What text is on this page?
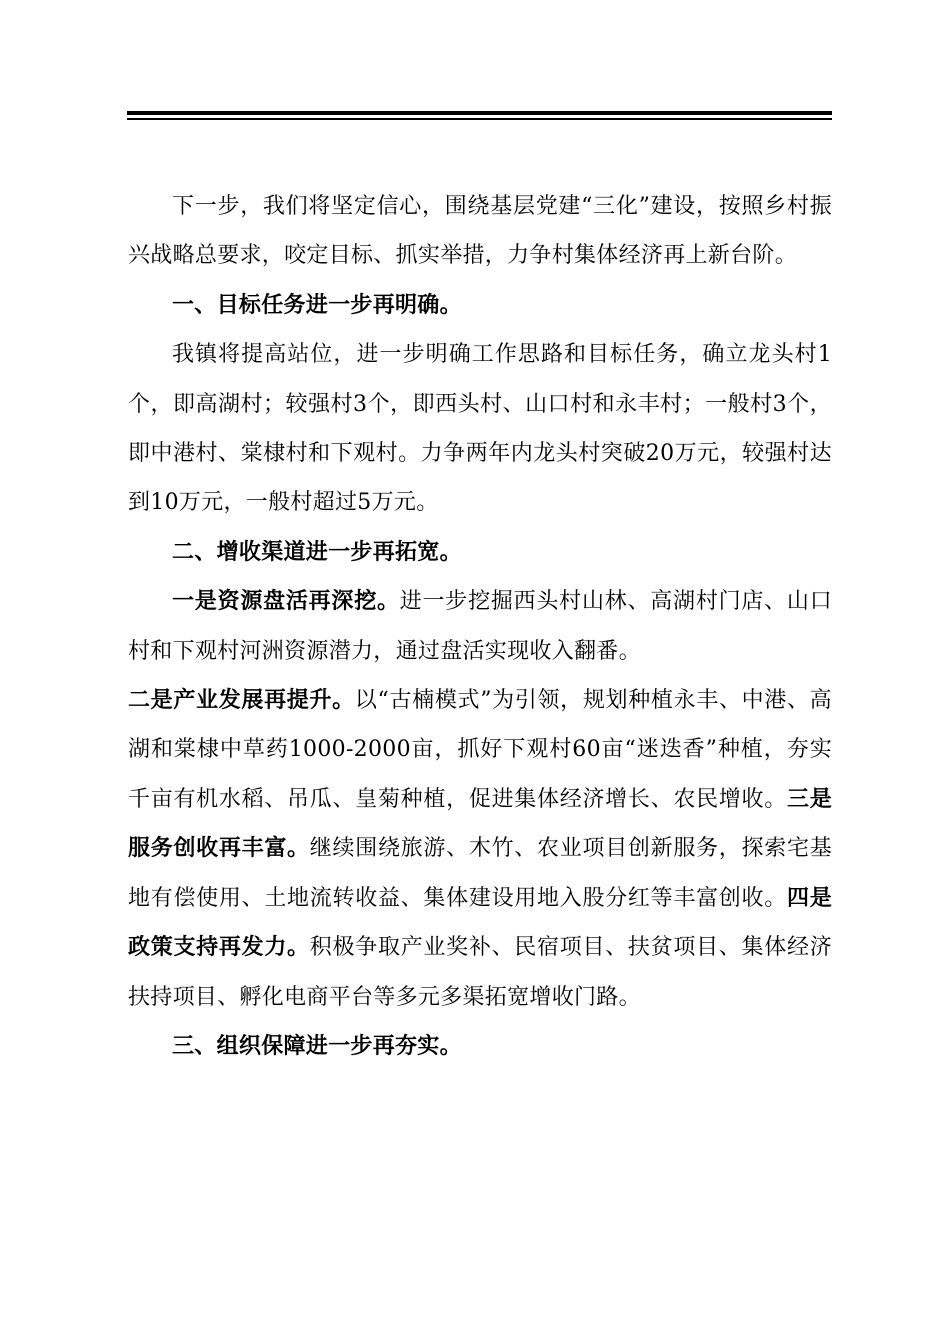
下一步，我们将坚定信心，围绕基层党建“三化”建设，按照乡村振兴战略总要求，咬定目标、抓实举措，力争村集体经济再上新台阶。

一、目标任务进一步再明确。

我镇将提高站位，进一步明确工作思路和目标任务，确立龙头村1个，即高湖村；较强村3个，即西头村、山口村和永丰村；一般村3个，即中港村、棠棣村和下观村。力争两年内龙头村突破20万元，较强村达到10万元，一般村超过5万元。

二、增收渠道进一步再拓宽。

一是资源盘活再深挖。进一步挖掘西头村山林、高湖村门店、山口村和下观村河洲资源潜力，通过盘活实现收入翻番。
二是产业发展再提升。以“古楠模式”为引领，规划种植永丰、中港、高湖和棠棣中草药1000-2000亩，抓好下观村60亩“迷迭香”种植，夯实千亩有机水稻、吊瓜、皇菊种植，促进集体经济增长、农民增收。三是服务创收再丰富。继续围绕旅游、木竹、农业项目创新服务，探索宅基地有偿使用、土地流转收益、集体建设用地入股分红等丰富创收。四是政策支持再发力。积极争取产业奖补、民宿项目、扶贫项目、集体经济扶持项目、孵化电商平台等多元多渠拓宽增收门路。

三、组织保障进一步再夯实。
